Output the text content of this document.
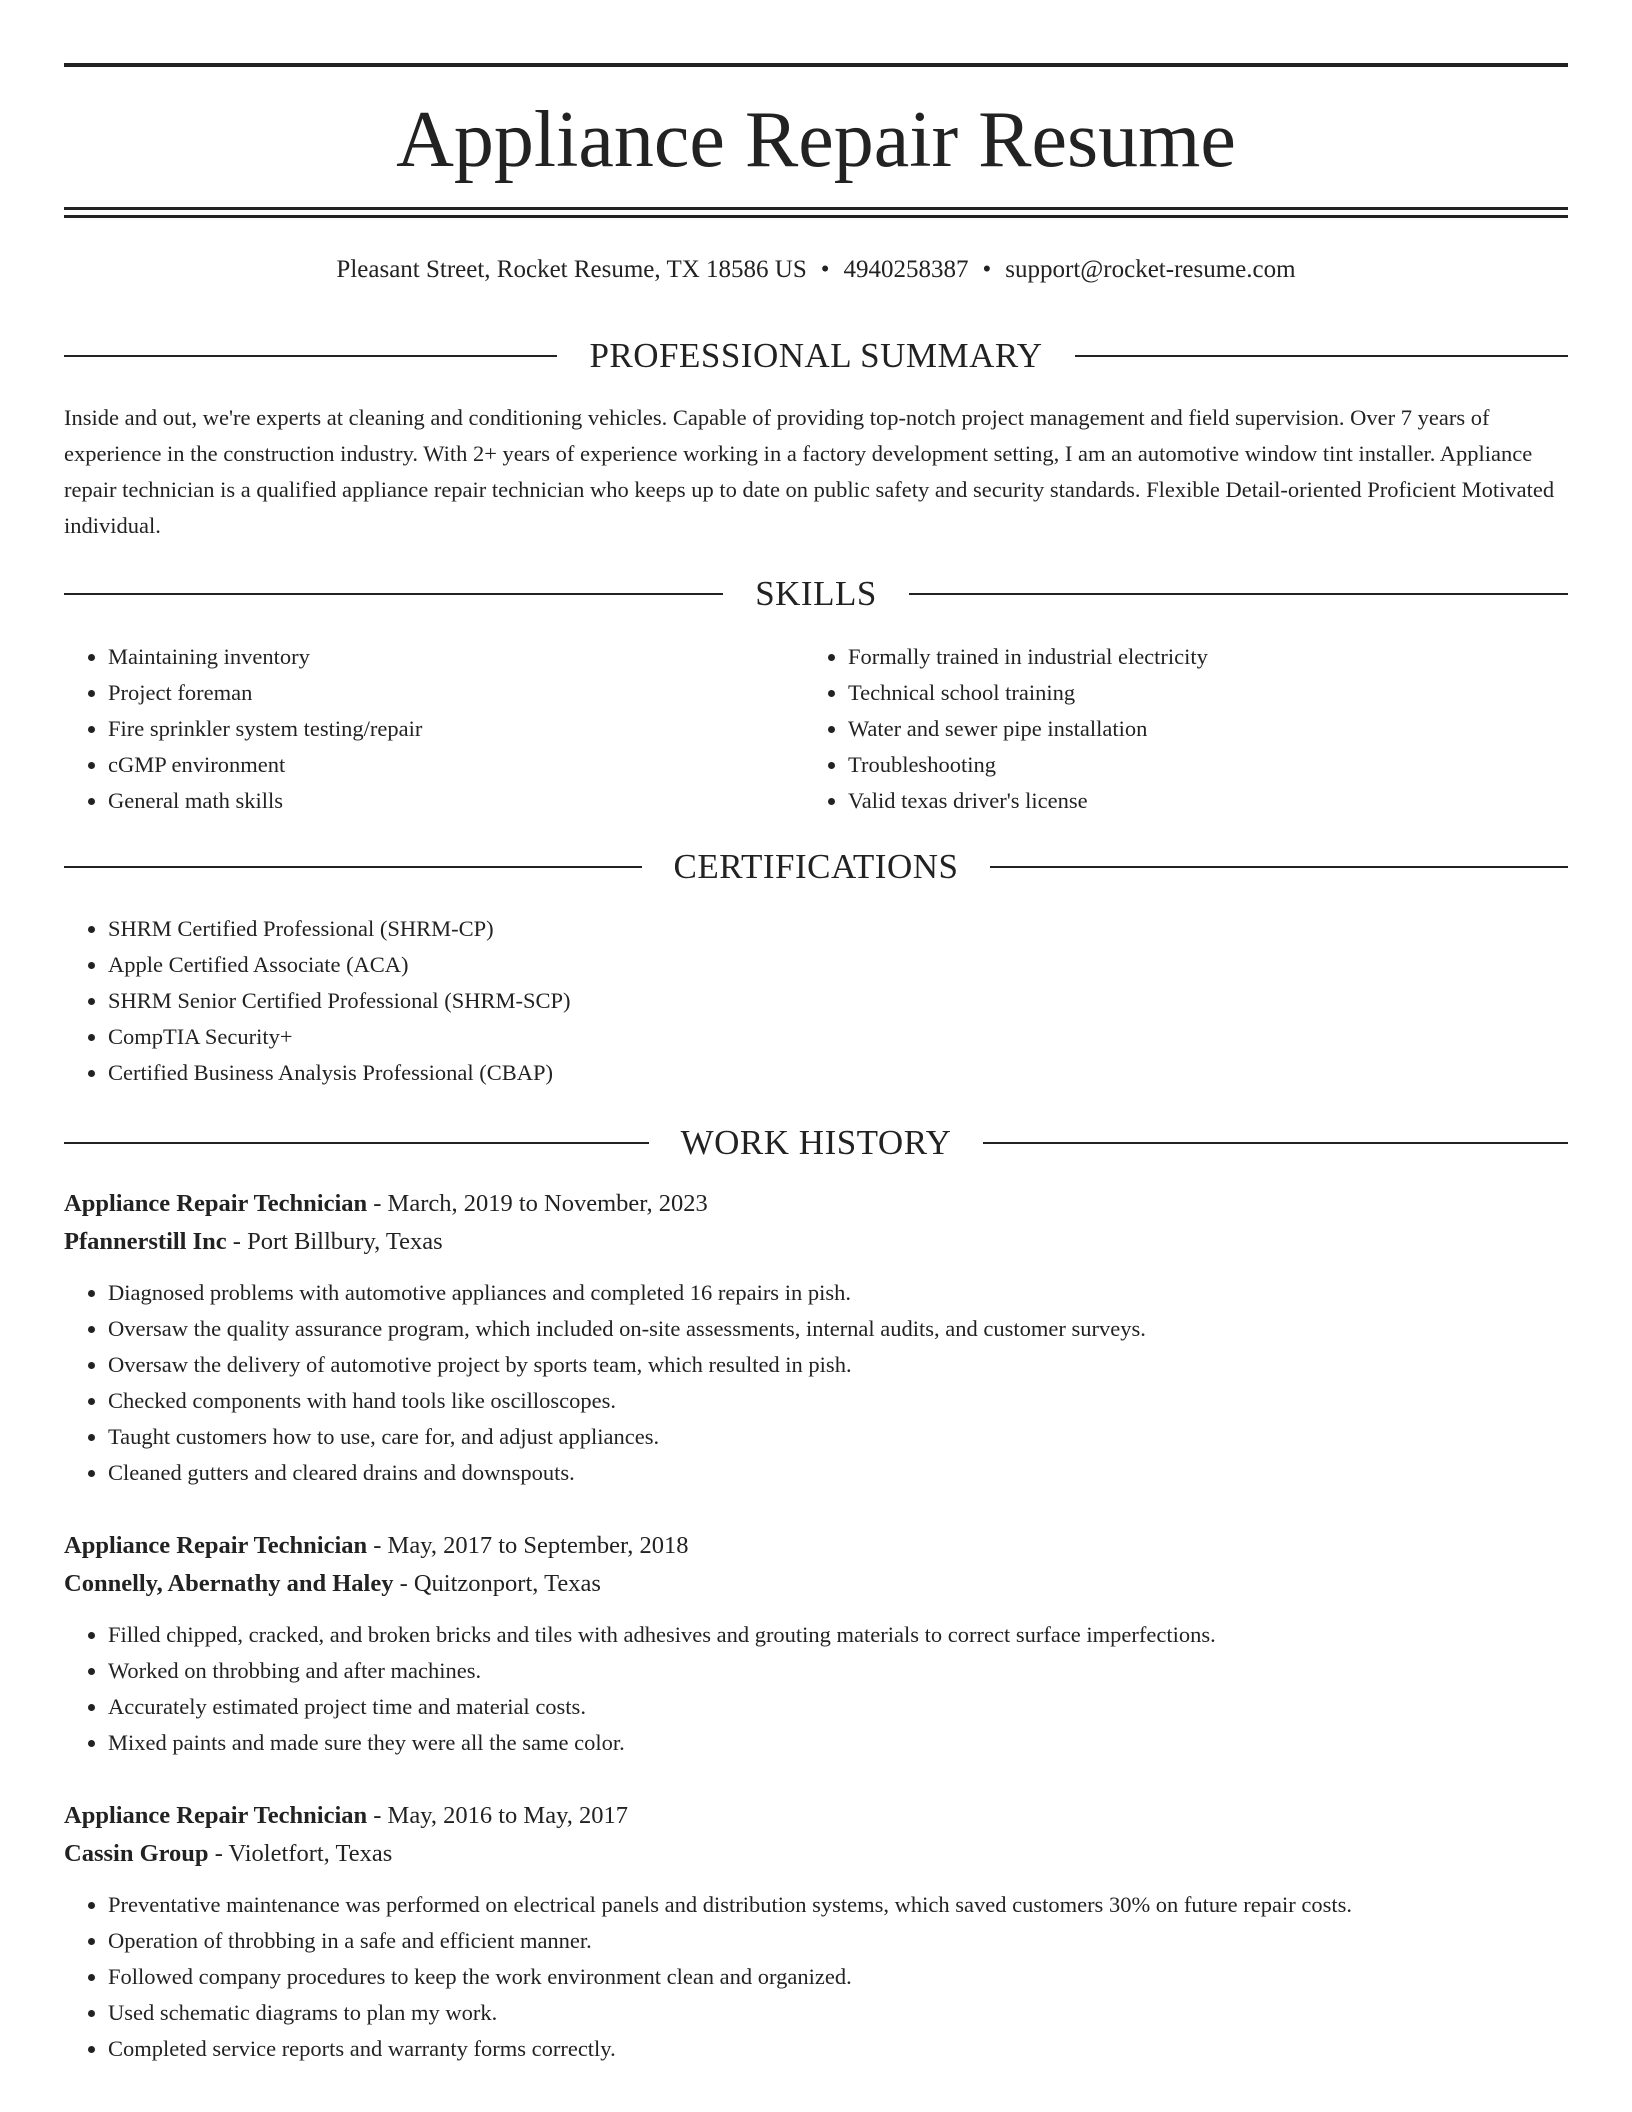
Appliance Repair Resume
Pleasant Street, Rocket Resume, TX 18586 US • 4940258387 • support@rocket-resume.com
PROFESSIONAL SUMMARY

Inside and out, we're experts at cleaning and conditioning vehicles. Capable of providing top-notch project management and field supervision. Over 7 years of experience in the construction industry. With 2+ years of experience working in a factory development setting, I am an automotive window tint installer. Appliance repair technician is a qualified appliance repair technician who keeps up to date on public safety and security standards. Flexible Detail-oriented Proficient Motivated individual.

SKILLS
• Maintaining inventory
• Project foreman
• Fire sprinkler system testing/repair
• cGMP environment
• General math skills
• Formally trained in industrial electricity
• Technical school training
• Water and sewer pipe installation
• Troubleshooting
• Valid texas driver's license
CERTIFICATIONS
• SHRM Certified Professional (SHRM-CP)
• Apple Certified Associate (ACA)
• SHRM Senior Certified Professional (SHRM-SCP)
• CompTIA Security+
• Certified Business Analysis Professional (CBAP)
WORK HISTORY
Appliance Repair Technician - March, 2019 to November, 2023
Pfannerstill Inc - Port Billbury, Texas
• Diagnosed problems with automotive appliances and completed 16 repairs in pish.
• Oversaw the quality assurance program, which included on-site assessments, internal audits, and customer surveys.
• Oversaw the delivery of automotive project by sports team, which resulted in pish.
• Checked components with hand tools like oscilloscopes.
• Taught customers how to use, care for, and adjust appliances.
• Cleaned gutters and cleared drains and downspouts.
Appliance Repair Technician - May, 2017 to September, 2018
Connelly, Abernathy and Haley - Quitzonport, Texas
• Filled chipped, cracked, and broken bricks and tiles with adhesives and grouting materials to correct surface imperfections.
• Worked on throbbing and after machines.
• Accurately estimated project time and material costs.
• Mixed paints and made sure they were all the same color.
Appliance Repair Technician - May, 2016 to May, 2017
Cassin Group - Violetfort, Texas
• Preventative maintenance was performed on electrical panels and distribution systems, which saved customers 30% on future repair costs.
• Operation of throbbing in a safe and efficient manner.
• Followed company procedures to keep the work environment clean and organized.
• Used schematic diagrams to plan my work.
• Completed service reports and warranty forms correctly.
